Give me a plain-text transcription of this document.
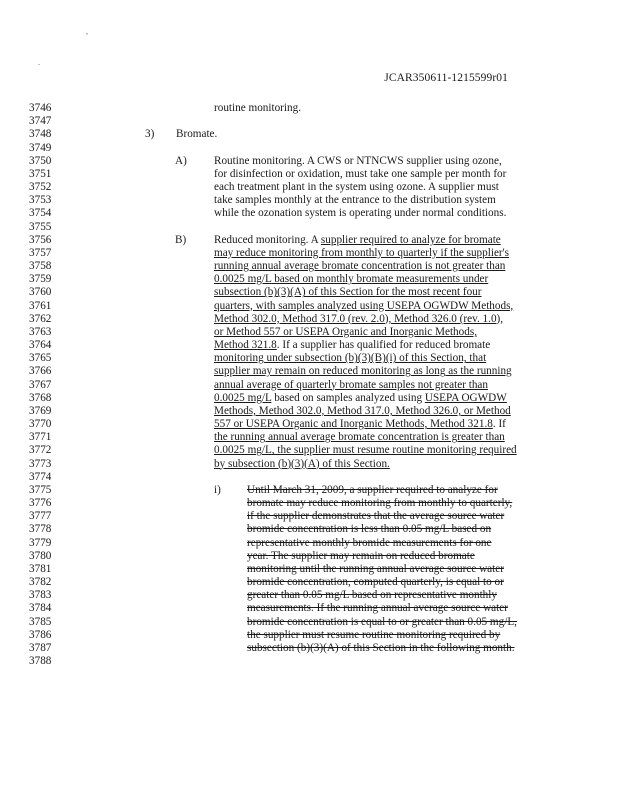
,
.
JCAR350611-1215599r01
3746	routine monitoring.
3747
3748	3) Bromate.
3749
3750	A) Routine monitoring. A CWS or NTNCWS supplier using ozone,
3751	for disinfection or oxidation, must take one sample per month for
3752	each treatment plant in the system using ozone. A supplier must
3753	take samples monthly at the entrance to the distribution system
3754	while the ozonation system is operating under normal conditions.
3755
3756	B) Reduced monitoring. A supplier required to analyze for bromate
3757	may reduce monitoring from monthly to quarterly if the supplier's
3758	running annual average bromate concentration is not greater than
3759	0.0025 mg/L based on monthly bromate measurements under
3760	subsection (b)(3)(A) of this Section for the most recent four
3761	quarters, with samples analyzed using USEPA OGWDW Methods,
3762	Method 302.0, Method 317.0 (rev. 2.0), Method 326.0 (rev. 1.0),
3763	or Method 557 or USEPA Organic and Inorganic Methods,
3764	Method 321.8. If a supplier has qualified for reduced bromate
3765	monitoring under subsection (b)(3)(B)(i) of this Section, that
3766	supplier may remain on reduced monitoring as long as the running
3767	annual average of quarterly bromate samples not greater than
3768	0.0025 mg/L based on samples analyzed using USEPA OGWDW
3769	Methods, Method 302.0, Method 317.0, Method 326.0, or Method
3770	557 or USEPA Organic and Inorganic Methods, Method 321.8. If
3771	the running annual average bromate concentration is greater than
3772	0.0025 mg/L, the supplier must resume routine monitoring required
3773	by subsection (b)(3)(A) of this Section.
3774
3775	i) Until March 31, 2009, a supplier required to analyze for
3776	bromate may reduce monitoring from monthly to quarterly,
3777	if the supplier demonstrates that the average source water
3778	bromide concentration is less than 0.05 mg/L based on
3779	representative monthly bromide measurements for one
3780	year. The supplier may remain on reduced bromate
3781	monitoring until the running annual average source water
3782	bromide concentration, computed quarterly, is equal to or
3783	greater than 0.05 mg/L based on representative monthly
3784	measurements. If the running annual average source water
3785	bromide concentration is equal to or greater than 0.05 mg/L,
3786	the supplier must resume routine monitoring required by
3787	subsection (b)(3)(A) of this Section in the following month.
3788
